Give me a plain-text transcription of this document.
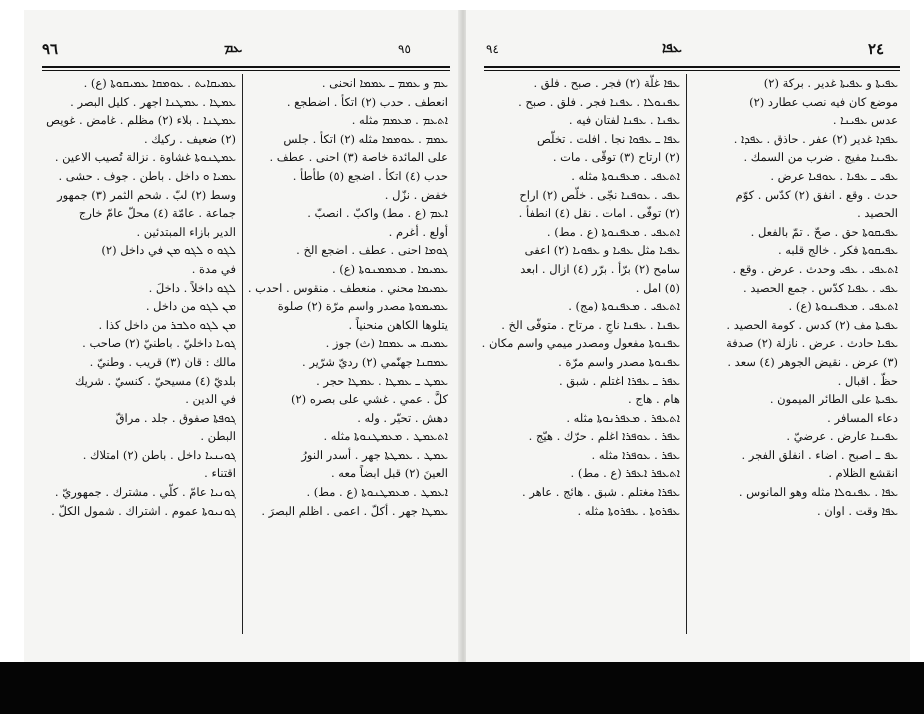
٩٦	ܥܡ	٩٥
ܥܡܝܩܐܝܬ . ܥܘܡܩܐ ܥܡܝܩܘܬܐ (ع) .
ܥܡܛܐ . ܥܡܛܢܐ اجهر . كليل البصر .
ܥܡܛܢܐ . بلاء (٢) مظلم . غامض . غويص
(٢) ضعيف . ركيك .
ܥܡܛܢܘܬܐ غشاوة . نزالة تُصيب الاعين .
ܥܡܝܐ ܘ داخل . باطن . جوف . حشى .
وسط (٢) لبّ . شحم الثمر (٣) جمهور
جماعة . عامّة (٤) محلّ عامّ خارج
الدير بازاء المبتدئين .
ܠܓܘ ܘ ܠܓܘ ܡܢ في داخل (٢)
في مدة .
ܠܓܘ داخلاً . داخلَ .
ܡܢ ܠܓܘ من داخل .
ܡܢ ܠܓܘ ܘܠܒܪ من داخل كذا .
ܓܘܝܐ داخليّ . باطنيّ (٢) صاحب .
مالك : قان (٣) قريب . وطنيّ .
بلديّ (٤) مسيحيّ . كنسيّ . شريك
في الدين .
ܓܘܦܬܐ صفوق . جلد . مراقّ
البطن .
ܓܘܝܢܝܐ داخل . باطن (٢) امتلاك .
اقتناء .
ܓܘܢܝܐ عامّ . كلّي . مشترك . جمهوريّ .
ܓܘܢܝܘܬܐ عموم . اشتراك . شمول الكلّ .
ܥܡ و ܥܡܡ ـ ܥܡܡܐ انحنى .
انعطف . حدب (٢) اتكأ . اضطجع .
ܐܬܥܡ . ܡܥܡܡ مثله .
ܥܡܡ . ܥܘܡܡܐ مثله (٢) اتكأ . جلس
على المائدة خاصة (٣) احنى . عطف .
حدب (٤) اتكأ . اضجع (٥) طأطأ .
خفض . نزّل .
ܐܥܡ (ع . مط) واكبّ . انصبّ .
أولع . أغرم .
ܓܘܡܐ احنى . عطف . اضجع الخ .
ܥܡܝܡܐ . ܡܥܡܡܢܘܬܐ (ع) .
ܥܡܝܡܐ محني . منعطف . منقوس . احدب .
ܥܡܝܡܘܬܐ مصدر واسم مرّة (٢) صلوة
يتلوها الكاهن منحنياً .
ܥܡܝܩ ܚ ܥܡܩܐ (ث) جوز .
ܥܡܩܢܐ جهنّمي (٢) رديّ شرّير .
ܥܡܛ ـ ܥܡܛܐ . ܥܡܛܐ حجر .
كلَّ . عمي . غشي على بصره (٢)
دهش . تحيّر . وله .
ܐܬܥܡܛ . ܡܥܡܛܢܘܬܐ مثله .
ܥܡܛ . ܥܡܛܬܐ جهر . أسدر النورُ
العينَ (٢) قبل ابضاً معه .
ܐܥܡܛ . ܡܥܡܛܢܘܬܐ (ع . مط) .
ܥܡܛܐ جهر . أكلّ . اعمى . اظلم البصرَ .
٩٤	ܥܦܐ	٢٤
ܥܦܐ غلَّة (٢) فجر . صبح . فلق .
ܥܦܢܘܠܐ . ܥܦܢܐ فجر . فلق . صبح .
ܥܦܢܐ . ܥܦܢܐ لفتان فيه .
ܥܦܐ ـ ܥܦܘܐ نجا . افلت . تخلّص
(٢) ارتاح (٣) توقّى . مات .
ܐܬܥܦܝ . ܡܥܦܢܘܬܐ مثله .
ܥܦܝ . ܥܘܦܢܐ نجّى . خلّص (٢) اراح
(٢) توفّى . امات . نقل (٤) انطفأ .
ܐܬܥܦܝ . ܡܥܦܢܘܬܐ (ع . مط) .
ܥܦܝܐ مثل ܥܦܝܐ و ܥܦܘܝܐ (٢) اعفى
سامح (٢) برّأ . برّر (٤) ازال . ابعد
(٥) امل .
ܐܬܥܦܝ . ܡܥܦܢܘܬܐ (مج) .
ܥܦܢܐ . ܥܦܢܐ ناجٍ . مرتاح . متوفّى الخ .
ܥܦܢܘܬܐ مفعول ومصدر ميمي واسم مكان .
ܥܦܢܘܬܐ مصدر واسم مرّة .
ܥܦܪ ـ ܥܦܪܐ اغتلم . شبق .
هام . هاج .
ܐܬܥܦܪ . ܡܥܦܪܢܘܬܐ مثله .
ܥܦܪ . ܥܘܦܪܐ اغلم . حرّك . هيّج .
ܥܦܪ . ܥܘܦܪܐ مثله .
ܐܬܥܦܪ ܐܥܦܪ (ع . مط) .
ܥܦܪܐ مغتلم . شبق . هائج . عاهر .
ܥܦܪܘܬܐ . ܥܦܪܘܬܐ مثله .
ܥܦܝܬܐ و ܥܦܝܬܐ غدير . بركة (٢)
موضع كان فيه نصب عطارد (٢)
عدس ܥܦܝܢܐ .
ܥܦܕܐ غدير (٢) عفر . حاذق . ܥܦܕܐ .
ܥܦܝܢܐ مفيج . ضرب من السمك .
ܥܦܝ ـ ܥܦܝܐ . ܥܘܦܝܐ عرض .
حدث . وقع . انفق (٢) كدّس . كوّم
الحصيد .
ܥܦܝܩܘܬܐ حق . صحّ . تمّ بالفعل .
ܥܦܝܩܘܬܐ فكر . خالج قلبه .
ܐܬܥܦܝ . ܥܦܝ وحدث . عرض . وقع .
ܥܦܝ . ܥܦܝܐ كدّس . جمع الحصيد .
ܐܬܥܦܝ . ܡܥܦܝܢܘܬܐ (ع) .
ܥܦܝܬܐ مف (٢) كدس . كومة الحصيد .
ܥܦܝܐ حادث . عرض . نازلة (٢) صدفة
(٣) عرض . نقيض الجوهر (٤) سعد .
حظّ . اقبال .
ܥܦܝܬܐ على الطائر الميمون .
دعاء المسافر .
ܥܦܝܢܐ عارض . عرضيّ .
ܥܦ ـ اصبح . اضاء . انفلق الفجر .
انقشع الظلام .
ܥܦܐ . ܥܦܢܘܠܐ مثله وهو المانوس .
ܥܦܐ وقت . اوان .
